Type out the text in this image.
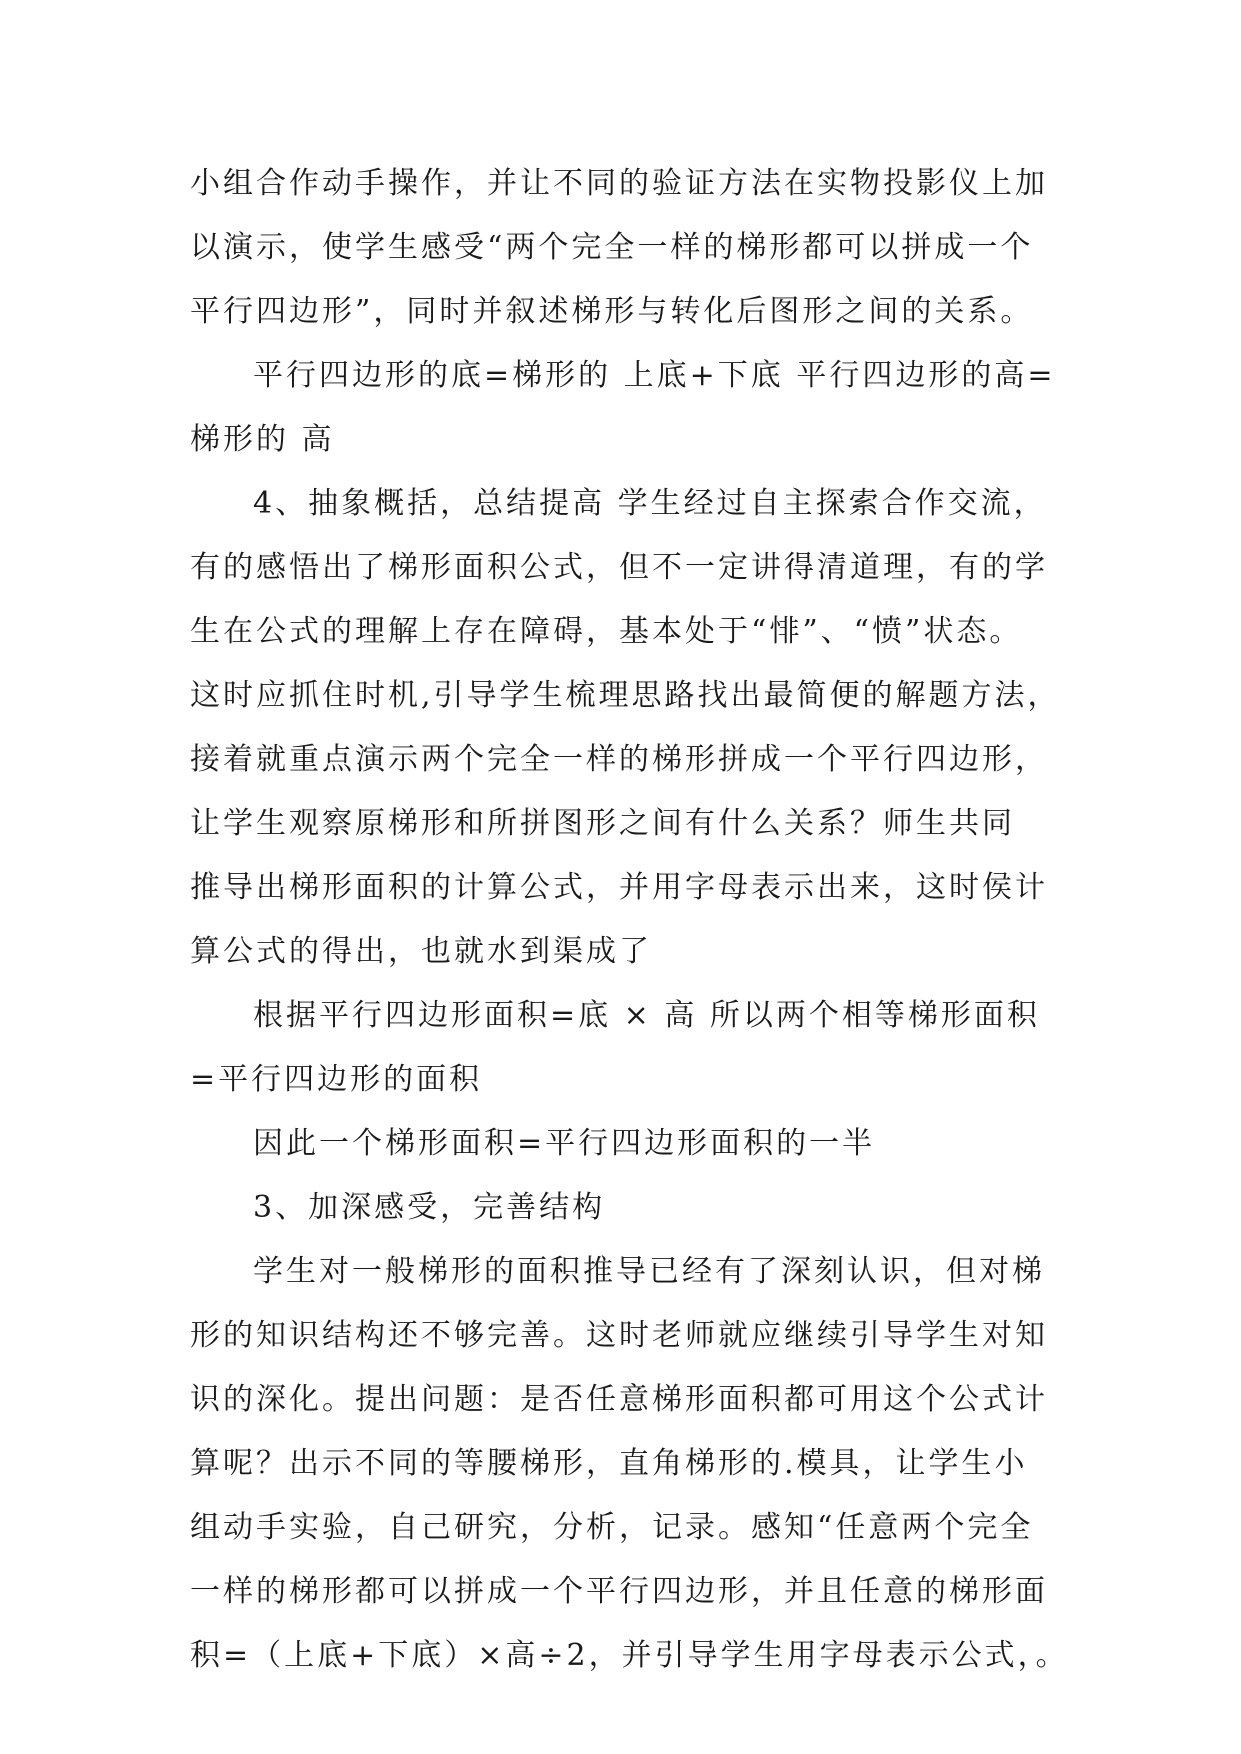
小组合作动手操作，并让不同的验证方法在实物投影仪上加
以演示，使学生感受“两个完全一样的梯形都可以拼成一个
平行四边形”，同时并叙述梯形与转化后图形之间的关系。
平行四边形的底=梯形的 上底+下底 平行四边形的高=
梯形的 高
4、抽象概括，总结提高 学生经过自主探索合作交流，
有的感悟出了梯形面积公式，但不一定讲得清道理，有的学
生在公式的理解上存在障碍，基本处于“悱”、“愤”状态。
这时应抓住时机,引导学生梳理思路找出最简便的解题方法，
接着就重点演示两个完全一样的梯形拼成一个平行四边形，
让学生观察原梯形和所拼图形之间有什么关系？师生共同
推导出梯形面积的计算公式，并用字母表示出来，这时侯计
算公式的得出，也就水到渠成了
根据平行四边形面积=底 × 高 所以两个相等梯形面积
=平行四边形的面积
因此一个梯形面积=平行四边形面积的一半
3、加深感受，完善结构
学生对一般梯形的面积推导已经有了深刻认识，但对梯
形的知识结构还不够完善。这时老师就应继续引导学生对知
识的深化。提出问题：是否任意梯形面积都可用这个公式计
算呢？出示不同的等腰梯形，直角梯形的.模具，让学生小
组动手实验，自己研究，分析，记录。感知“任意两个完全
一样的梯形都可以拼成一个平行四边形，并且任意的梯形面
积=（上底+下底）×高÷2，并引导学生用字母表示公式，。
